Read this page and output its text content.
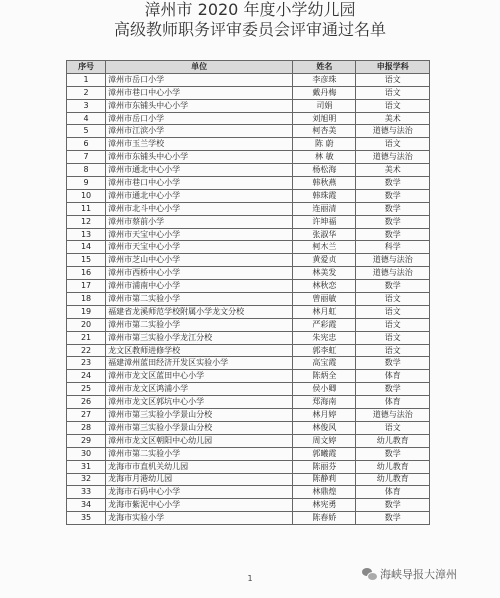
漳州市 2020 年度小学幼儿园
高级教师职务评审委员会评审通过名单
序号	单位	姓名	申报学科
1	漳州市岳口小学	李彦珠	语文
2	漳州市巷口中心小学	戴丹梅	语文
3	漳州市东铺头中心小学	司娟	语文
4	漳州市岳口小学	刘旭明	美术
5	漳州市江滨小学	柯杏美	道德与法治
6	漳州市玉兰学校	陈 蔚	语文
7	漳州市东铺头中心小学	林 敏	道德与法治
8	漳州市通北中心小学	杨松海	美术
9	漳州市巷口中心小学	韩秋燕	数学
10	漳州市通北中心小学	韩珠霞	数学
11	漳州市北斗中心小学	连丽清	数学
12	漳州市蔡前小学	许坤福	数学
13	漳州市天宝中心小学	张淑华	数学
14	漳州市天宝中心小学	柯木兰	科学
15	漳州市芝山中心小学	黄爱贞	道德与法治
16	漳州市西桥中心小学	林美发	道德与法治
17	漳州市浦南中心小学	林秋恋	数学
18	漳州市第二实验小学	曾丽敏	语文
19	福建省龙溪师范学校附属小学龙文分校	林月虹	语文
20	漳州市第二实验小学	严彩霞	语文
21	漳州市第三实验小学龙江分校	朱宪忠	语文
22	龙文区教师进修学校	郭李虹	语文
23	福建漳州蓝田经济开发区实验小学	高宝霞	数学
24	漳州市龙文区蓝田中心小学	陈炳全	体育
25	漳州市龙文区鸿浦小学	侯小卿	数学
26	漳州市龙文区郭坑中心小学	郑海南	体育
27	漳州市第三实验小学景山分校	林月婷	道德与法治
28	漳州市第三实验小学景山分校	林俊风	语文
29	漳州市龙文区朝阳中心幼儿园	周文婷	幼儿教育
30	漳州市第二实验小学	郭曦霞	数学
31	龙海市市直机关幼儿园	陈丽芬	幼儿教育
32	龙海市月港幼儿园	陈静莉	幼儿教育
33	龙海市石码中心小学	林鼎煌	体育
34	龙海市紫泥中心小学	林宪勇	数学
35	龙海市实验小学	陈春娇	数学
1	海峡导报大漳州
